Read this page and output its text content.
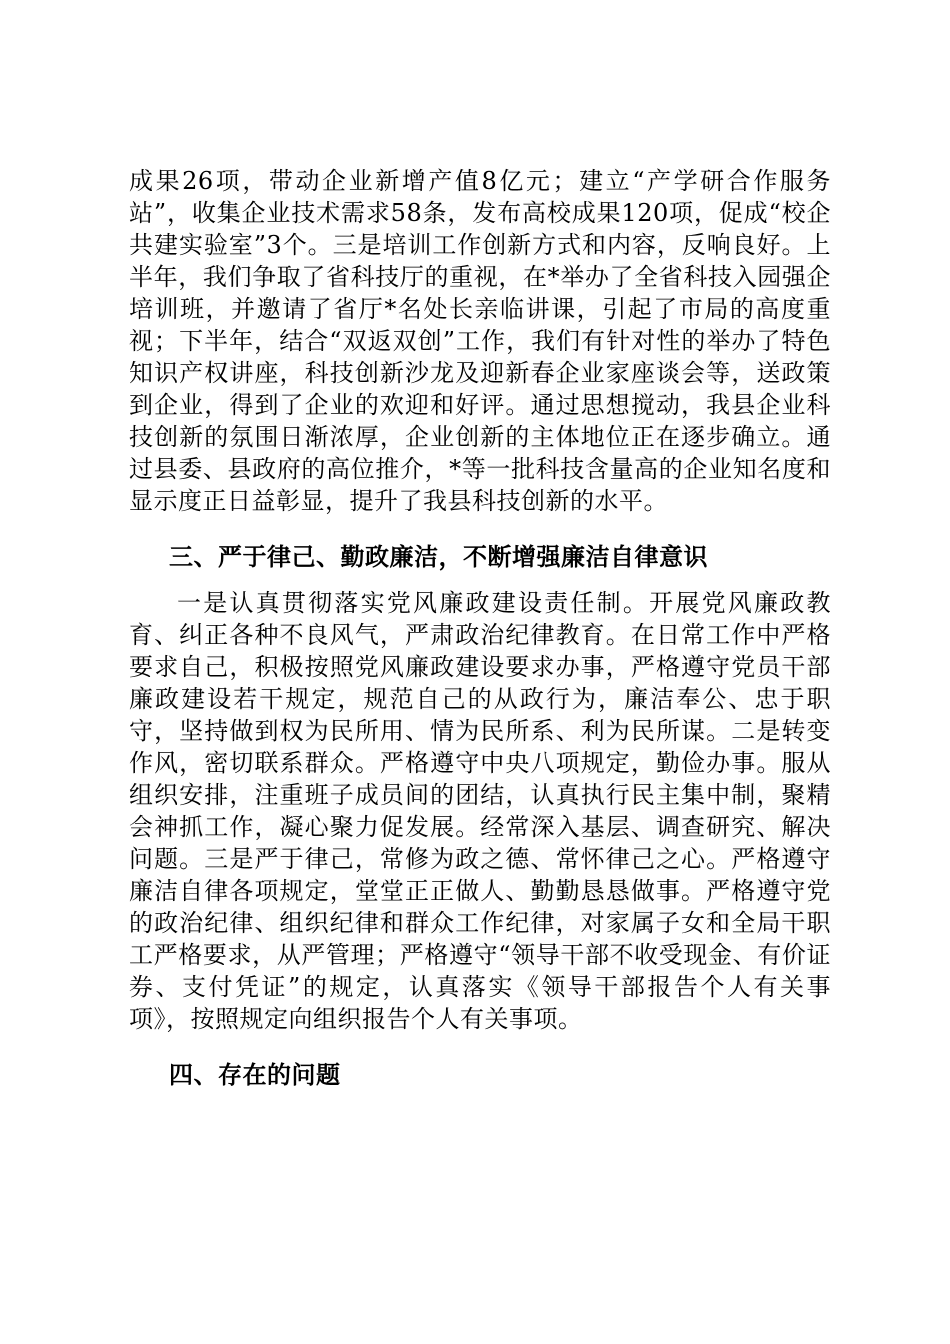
成果26项，带动企业新增产值8亿元；建立“产学研合作服务站”，收集企业技术需求58条，发布高校成果120项，促成“校企共建实验室”3个。三是培训工作创新方式和内容，反响良好。上半年，我们争取了省科技厅的重视，在*举办了全省科技入园强企培训班，并邀请了省厅*名处长亲临讲课，引起了市局的高度重视；下半年，结合“双返双创”工作，我们有针对性的举办了特色知识产权讲座，科技创新沙龙及迎新春企业家座谈会等，送政策到企业，得到了企业的欢迎和好评。通过思想搅动，我县企业科技创新的氛围日渐浓厚，企业创新的主体地位正在逐步确立。通过县委、县政府的高位推介，*等一批科技含量高的企业知名度和显示度正日益彰显，提升了我县科技创新的水平。

三、严于律己、勤政廉洁，不断增强廉洁自律意识

一是认真贯彻落实党风廉政建设责任制。开展党风廉政教育、纠正各种不良风气，严肃政治纪律教育。在日常工作中严格要求自己，积极按照党风廉政建设要求办事，严格遵守党员干部廉政建设若干规定，规范自己的从政行为，廉洁奉公、忠于职守，坚持做到权为民所用、情为民所系、利为民所谋。二是转变作风，密切联系群众。严格遵守中央八项规定，勤俭办事。服从组织安排，注重班子成员间的团结，认真执行民主集中制，聚精会神抓工作，凝心聚力促发展。经常深入基层、调查研究、解决问题。三是严于律己，常修为政之德、常怀律己之心。严格遵守廉洁自律各项规定，堂堂正正做人、勤勤恳恳做事。严格遵守党的政治纪律、组织纪律和群众工作纪律，对家属子女和全局干职工严格要求，从严管理；严格遵守“领导干部不收受现金、有价证券、支付凭证”的规定，认真落实《领导干部报告个人有关事项》，按照规定向组织报告个人有关事项。

四、存在的问题
